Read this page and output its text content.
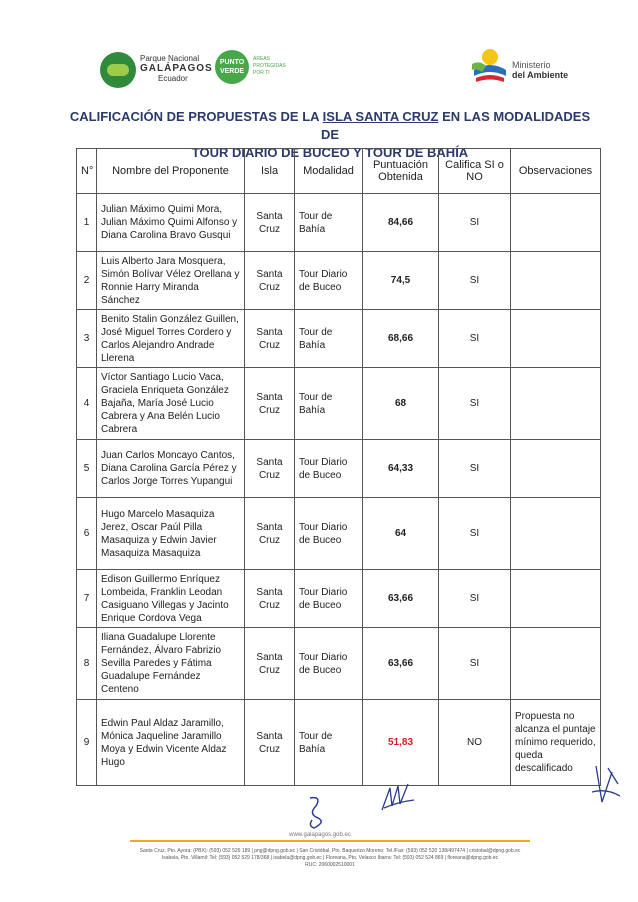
Parque Nacional
GALÁPAGOS
Ecuador
PUNTO VERDE
ÁREAS PROTEGIDAS POR TI
Ministerio
del Ambiente
CALIFICACIÓN DE PROPUESTAS DE LA ISLA SANTA CRUZ EN LAS MODALIDADES DE
TOUR DIARIO DE BUCEO Y TOUR DE BAHÍA
N°	Nombre del Proponente	Isla	Modalidad	Puntuación Obtenida	Califica SI o NO	Observaciones
1	Julian Máximo Quimi Mora, Julian Máximo Quimi Alfonso y Diana Carolina Bravo Gusqui	Santa Cruz	Tour de Bahía	84,66	SI	
2	Luis Alberto Jara Mosquera, Simón Bolívar Vélez Orellana y Ronnie Harry Miranda Sánchez	Santa Cruz	Tour Diario de Buceo	74,5	SI	
3	Benito Stalin González Guillen, José Miguel Torres Cordero y Carlos Alejandro Andrade Llerena	Santa Cruz	Tour de Bahía	68,66	SI	
4	Víctor Santiago Lucio Vaca, Graciela Enriqueta González Bajaña, María José Lucio Cabrera y Ana Belén Lucio Cabrera	Santa Cruz	Tour de Bahía	68	SI	
5	Juan Carlos Moncayo Cantos, Diana Carolina García Pérez y Carlos Jorge Torres Yupangui	Santa Cruz	Tour Diario de Buceo	64,33	SI	
6	Hugo Marcelo Masaquiza Jerez, Oscar Paúl Pilla Masaquiza y Edwin Javier Masaquiza Masaquiza	Santa Cruz	Tour Diario de Buceo	64	SI	
7	Edison Guillermo Enríquez Lombeida, Franklin Leodan Casiguano Villegas y Jacinto Enrique Cordova Vega	Santa Cruz	Tour Diario de Buceo	63,66	SI	
8	Iliana Guadalupe Llorente Fernández, Álvaro Fabrizio Sevilla Paredes y Fátima Guadalupe Fernández Centeno	Santa Cruz	Tour Diario de Buceo	63,66	SI	
9	Edwin Paul Aldaz Jaramillo, Mónica Jaqueline Jaramillo Moya y Edwin Vicente Aldaz Hugo	Santa Cruz	Tour de Bahía	51,83	NO	Propuesta no alcanza el puntaje mínimo requerido, queda descalificado
www.galapagos.gob.ec
Santa Cruz, Pto. Ayora: (PBX): (593) 052 526 189 | png@dpng.gob.ec | San Cristóbal, Pto. Baquerizo Moreno: Tel./Fax: (593) 052 520 138/497474 | cristobal@dpng.gob.ec
Isabela, Pto. Villamil: Tel: (593) 052 529 178/368 | isabela@dpng.gob.ec | Floreana, Pto. Velasco Ibarra: Tel: (593) 052 524 869 | floreana@dpng.gob.ec
RUC: 2060002510001
